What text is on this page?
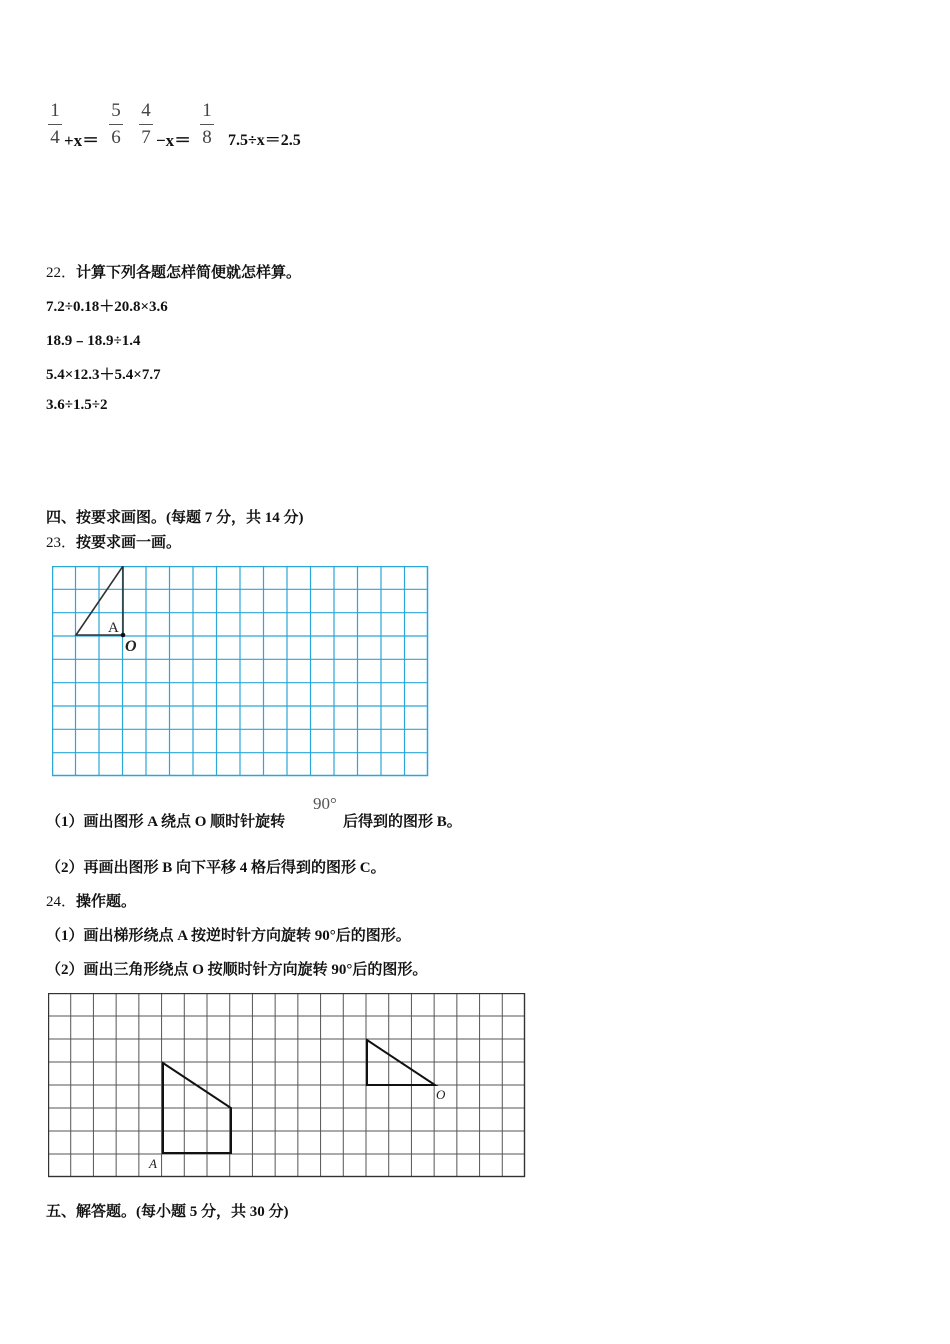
1
4 +x＝
5
6
4
7 −x＝
1
8 7.5÷x＝2.5
22．计算下列各题怎样简便就怎样算。
7.2÷0.18＋20.8×3.6
18.9﹣18.9÷1.4
5.4×12.3＋5.4×7.7
3.6÷1.5÷2
四、按要求画图。(每题 7 分，共 14 分)
23．按要求画一画。
A
O
（1）画出图形 A 绕点 O 顺时针旋转
90°
后得到的图形 B。
（2）再画出图形 B 向下平移 4 格后得到的图形 C。
24．操作题。
（1）画出梯形绕点 A 按逆时针方向旋转 90°后的图形。
（2）画出三角形绕点 O 按顺时针方向旋转 90°后的图形。
A
O
五、解答题。(每小题 5 分，共 30 分)
